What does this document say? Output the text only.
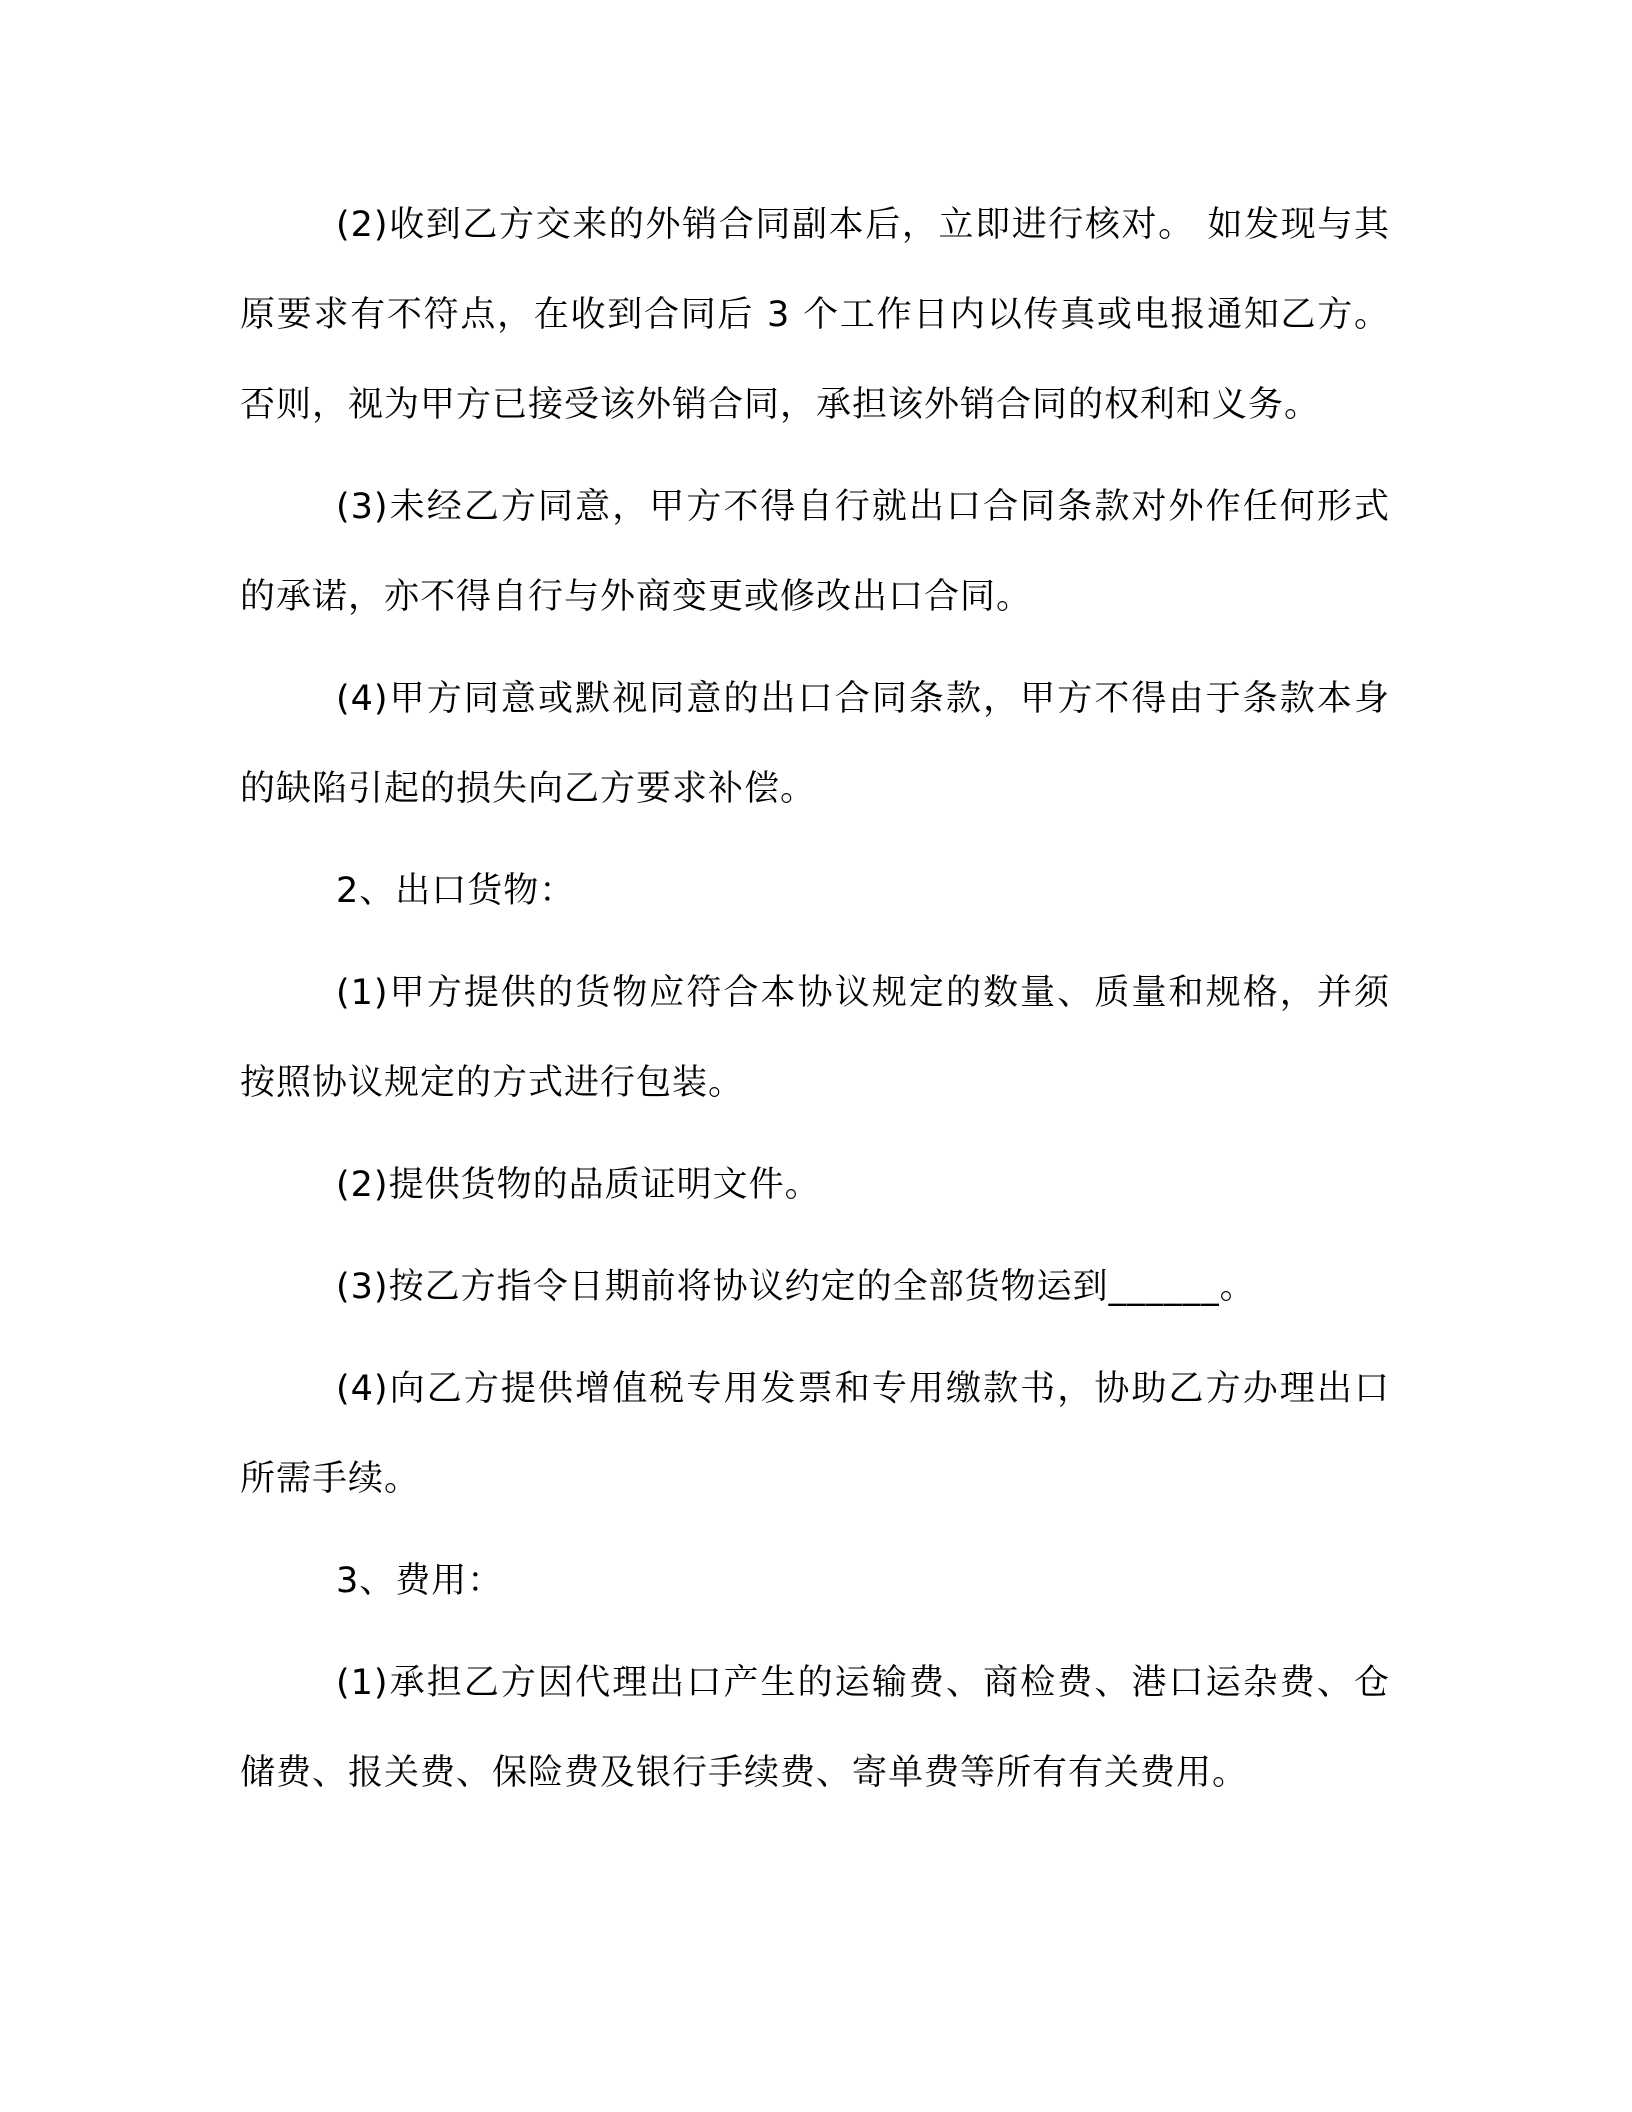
(2)收到乙方交来的外销合同副本后，立即进行核对。 如发现与其原要求有不符点，在收到合同后 3 个工作日内以传真或电报通知乙方。否则，视为甲方已接受该外销合同，承担该外销合同的权利和义务。

(3)未经乙方同意，甲方不得自行就出口合同条款对外作任何形式的承诺，亦不得自行与外商变更或修改出口合同。

(4)甲方同意或默视同意的出口合同条款，甲方不得由于条款本身的缺陷引起的损失向乙方要求补偿。

2、出口货物：

(1)甲方提供的货物应符合本协议规定的数量、质量和规格，并须按照协议规定的方式进行包装。

(2)提供货物的品质证明文件。

(3)按乙方指令日期前将协议约定的全部货物运到______。

(4)向乙方提供增值税专用发票和专用缴款书，协助乙方办理出口所需手续。

3、费用：

(1)承担乙方因代理出口产生的运输费、商检费、港口运杂费、仓储费、报关费、保险费及银行手续费、寄单费等所有有关费用。
